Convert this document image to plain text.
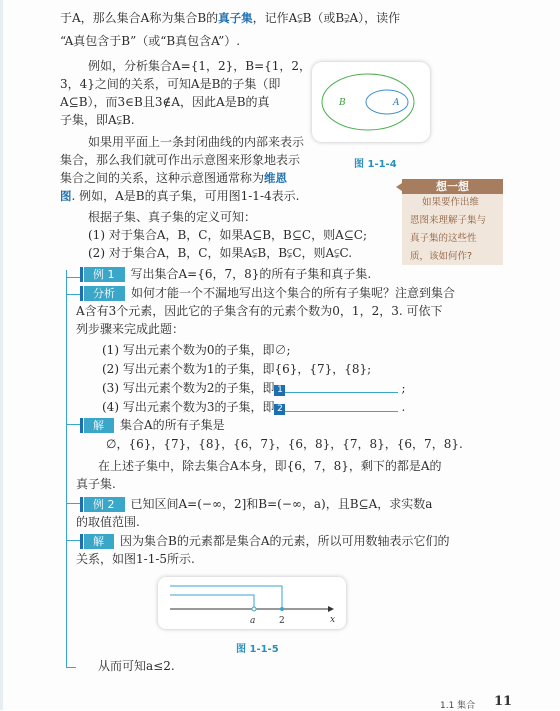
于A，那么集合A称为集合B的真子集，记作A⫋B（或B⫌A），读作
“A真包含于B”（或“B真包含A”）.
例如，分析集合A={1，2}，B={1，2，
3，4}之间的关系，可知A是B的子集（即
A⊆B），而3∈B且3∉A，因此A是B的真
子集，即A⫋B.
如果用平面上一条封闭曲线的内部来表示
集合，那么我们就可作出示意图来形象地表示
集合之间的关系，这种示意图通常称为维恩
图. 例如，A是B的真子集，可用图1-1-4表示.
B	A
图 1-1-4
想一想
如果要作出维
恩图来理解子集与
真子集的这些性
质，该如何作?
根据子集、真子集的定义可知：
(1) 对于集合A，B，C，如果A⊆B，B⊆C，则A⊆C;
(2) 对于集合A，B，C，如果A⫋B，B⫋C，则A⫋C.
例 1 写出集合A={6，7，8}的所有子集和真子集.
分析 如何才能一个不漏地写出这个集合的所有子集呢？注意到集合
A含有3个元素，因此它的子集含有的元素个数为0，1，2，3. 可依下
列步骤来完成此题：
(1) 写出元素个数为0的子集，即∅;
(2) 写出元素个数为1的子集，即{6}，{7}，{8};
(3) 写出元素个数为2的子集，即 1	;
(4) 写出元素个数为3的子集，即 2	.
解 集合A的所有子集是
∅，{6}，{7}，{8}，{6，7}，{6，8}，{7，8}，{6，7，8}.
在上述子集中，除去集合A本身，即{6，7，8}，剩下的都是A的
真子集.
例 2 已知区间A=(−∞，2]和B=(−∞，a)，且B⊆A，求实数a
的取值范围.
解 因为集合B的元素都是集合A的元素，所以可用数轴表示它们的
关系，如图1-1-5所示.
a	2	x
图 1-1-5
从而可知a≤2.
1.1 集合 11
